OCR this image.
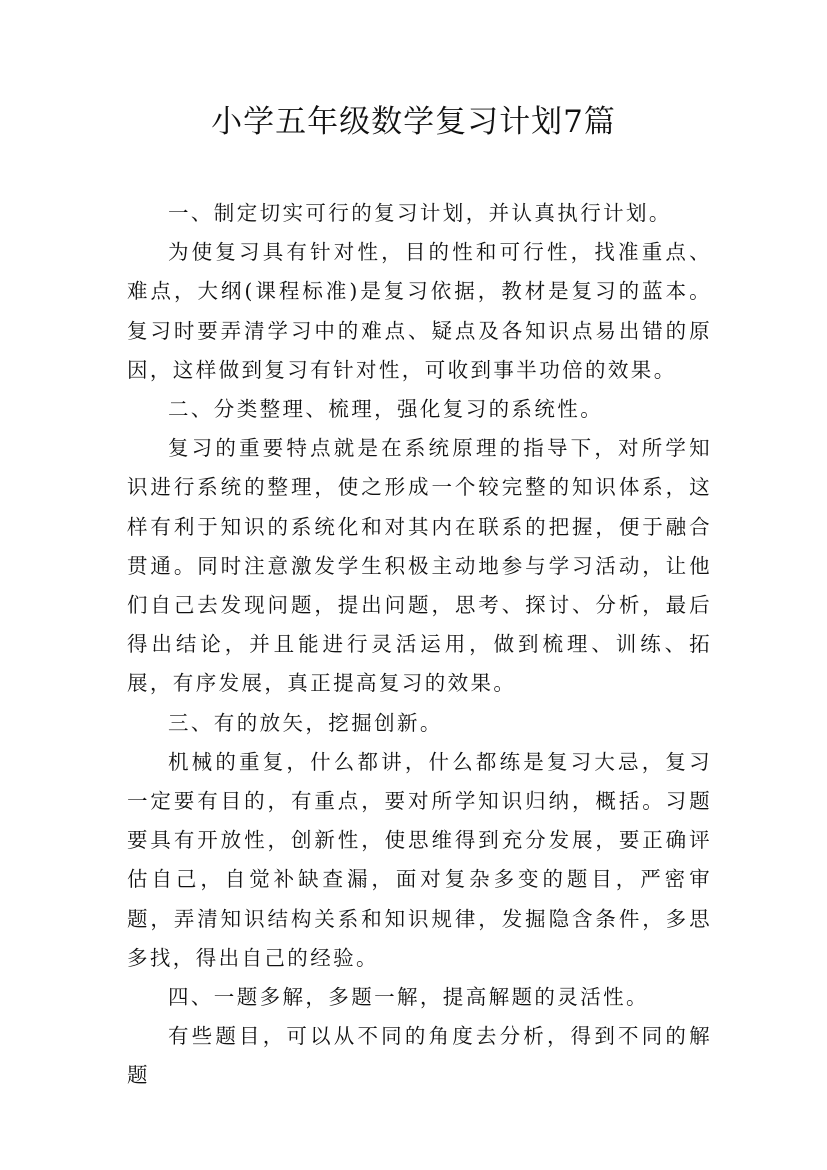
小学五年级数学复习计划7篇

一、制定切实可行的复习计划，并认真执行计划。

为使复习具有针对性，目的性和可行性，找准重点、难点，大纲(课程标准)是复习依据，教材是复习的蓝本。复习时要弄清学习中的难点、疑点及各知识点易出错的原因，这样做到复习有针对性，可收到事半功倍的效果。

二、分类整理、梳理，强化复习的系统性。

复习的重要特点就是在系统原理的指导下，对所学知识进行系统的整理，使之形成一个较完整的知识体系，这样有利于知识的系统化和对其内在联系的把握，便于融合贯通。同时注意激发学生积极主动地参与学习活动，让他们自己去发现问题，提出问题，思考、探讨、分析，最后得出结论，并且能进行灵活运用，做到梳理、训练、拓展，有序发展，真正提高复习的效果。

三、有的放矢，挖掘创新。

机械的重复，什么都讲，什么都练是复习大忌，复习一定要有目的，有重点，要对所学知识归纳，概括。习题要具有开放性，创新性，使思维得到充分发展，要正确评估自己，自觉补缺查漏，面对复杂多变的题目，严密审题，弄清知识结构关系和知识规律，发掘隐含条件，多思多找，得出自己的经验。

四、一题多解，多题一解，提高解题的灵活性。

有些题目，可以从不同的角度去分析，得到不同的解题
